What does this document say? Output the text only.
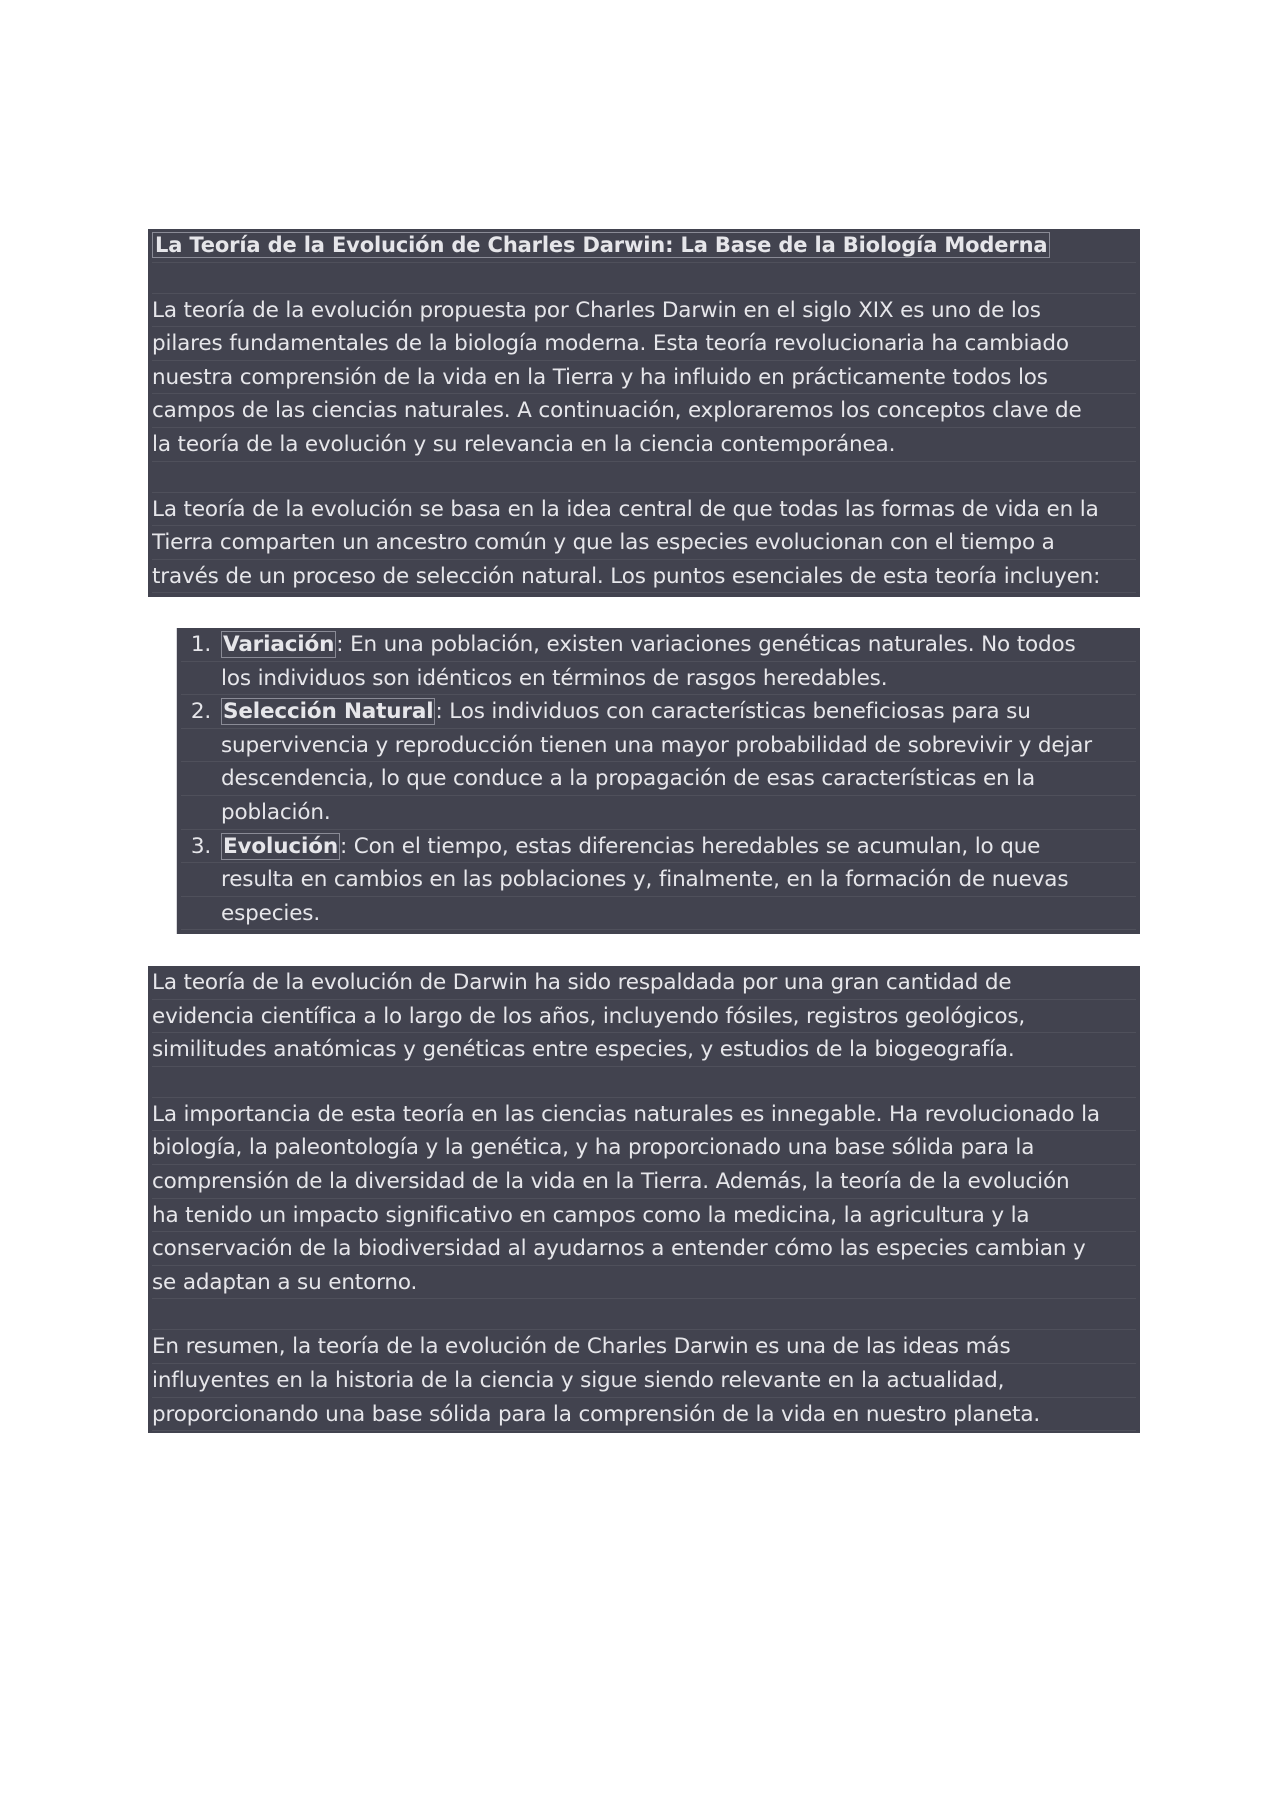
La Teoría de la Evolución de Charles Darwin: La Base de la Biología Moderna
La teoría de la evolución propuesta por Charles Darwin en el siglo XIX es uno de los
pilares fundamentales de la biología moderna. Esta teoría revolucionaria ha cambiado
nuestra comprensión de la vida en la Tierra y ha influido en prácticamente todos los
campos de las ciencias naturales. A continuación, exploraremos los conceptos clave de
la teoría de la evolución y su relevancia en la ciencia contemporánea.
La teoría de la evolución se basa en la idea central de que todas las formas de vida en la
Tierra comparten un ancestro común y que las especies evolucionan con el tiempo a
través de un proceso de selección natural. Los puntos esenciales de esta teoría incluyen:
1. Variación: En una población, existen variaciones genéticas naturales. No todos
los individuos son idénticos en términos de rasgos heredables.
2. Selección Natural: Los individuos con características beneficiosas para su
supervivencia y reproducción tienen una mayor probabilidad de sobrevivir y dejar
descendencia, lo que conduce a la propagación de esas características en la
población.
3. Evolución: Con el tiempo, estas diferencias heredables se acumulan, lo que
resulta en cambios en las poblaciones y, finalmente, en la formación de nuevas
especies.
La teoría de la evolución de Darwin ha sido respaldada por una gran cantidad de
evidencia científica a lo largo de los años, incluyendo fósiles, registros geológicos,
similitudes anatómicas y genéticas entre especies, y estudios de la biogeografía.
La importancia de esta teoría en las ciencias naturales es innegable. Ha revolucionado la
biología, la paleontología y la genética, y ha proporcionado una base sólida para la
comprensión de la diversidad de la vida en la Tierra. Además, la teoría de la evolución
ha tenido un impacto significativo en campos como la medicina, la agricultura y la
conservación de la biodiversidad al ayudarnos a entender cómo las especies cambian y
se adaptan a su entorno.
En resumen, la teoría de la evolución de Charles Darwin es una de las ideas más
influyentes en la historia de la ciencia y sigue siendo relevante en la actualidad,
proporcionando una base sólida para la comprensión de la vida en nuestro planeta.
